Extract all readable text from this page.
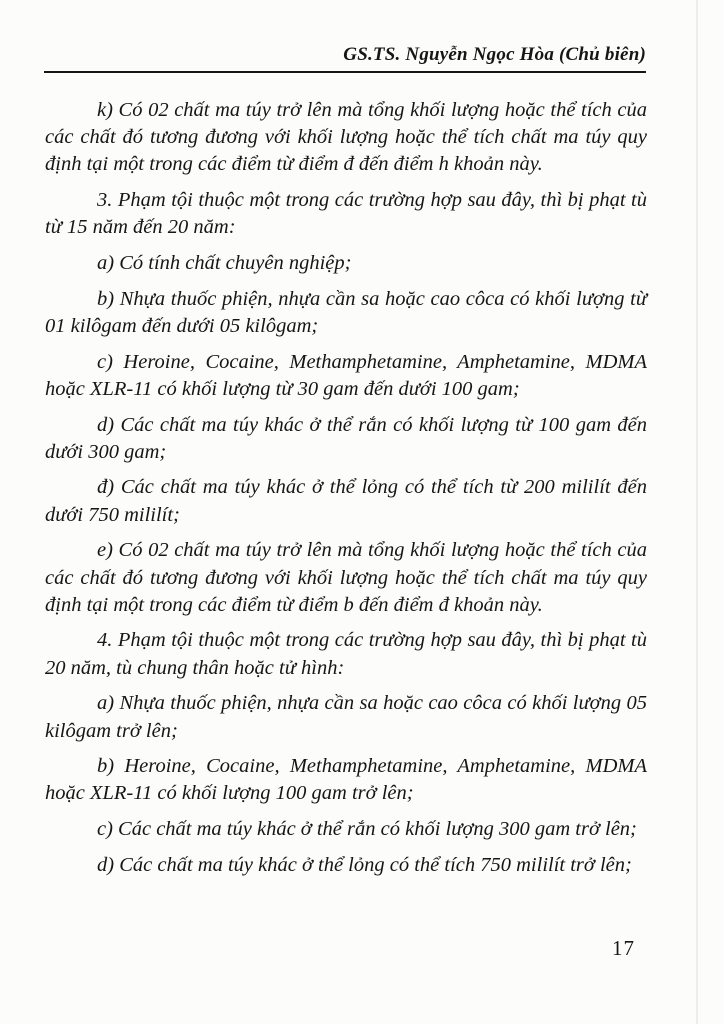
GS.TS. Nguyễn Ngọc Hòa (Chủ biên)

k) Có 02 chất ma túy trở lên mà tổng khối lượng hoặc thể tích của các chất đó tương đương với khối lượng hoặc thể tích chất ma túy quy định tại một trong các điểm từ điểm đ đến điểm h khoản này.

3. Phạm tội thuộc một trong các trường hợp sau đây, thì bị phạt tù từ 15 năm đến 20 năm:

a) Có tính chất chuyên nghiệp;

b) Nhựa thuốc phiện, nhựa cần sa hoặc cao côca có khối lượng từ 01 kilôgam đến dưới 05 kilôgam;

c) Heroine, Cocaine, Methamphetamine, Amphetamine, MDMA hoặc XLR-11 có khối lượng từ 30 gam đến dưới 100 gam;

d) Các chất ma túy khác ở thể rắn có khối lượng từ 100 gam đến dưới 300 gam;

đ) Các chất ma túy khác ở thể lỏng có thể tích từ 200 mililít đến dưới 750 mililít;

e) Có 02 chất ma túy trở lên mà tổng khối lượng hoặc thể tích của các chất đó tương đương với khối lượng hoặc thể tích chất ma túy quy định tại một trong các điểm từ điểm b đến điểm đ khoản này.

4. Phạm tội thuộc một trong các trường hợp sau đây, thì bị phạt tù 20 năm, tù chung thân hoặc tử hình:

a) Nhựa thuốc phiện, nhựa cần sa hoặc cao côca có khối lượng 05 kilôgam trở lên;

b) Heroine, Cocaine, Methamphetamine, Amphetamine, MDMA hoặc XLR-11 có khối lượng 100 gam trở lên;

c) Các chất ma túy khác ở thể rắn có khối lượng 300 gam trở lên;

d) Các chất ma túy khác ở thể lỏng có thể tích 750 mililít trở lên;

17
